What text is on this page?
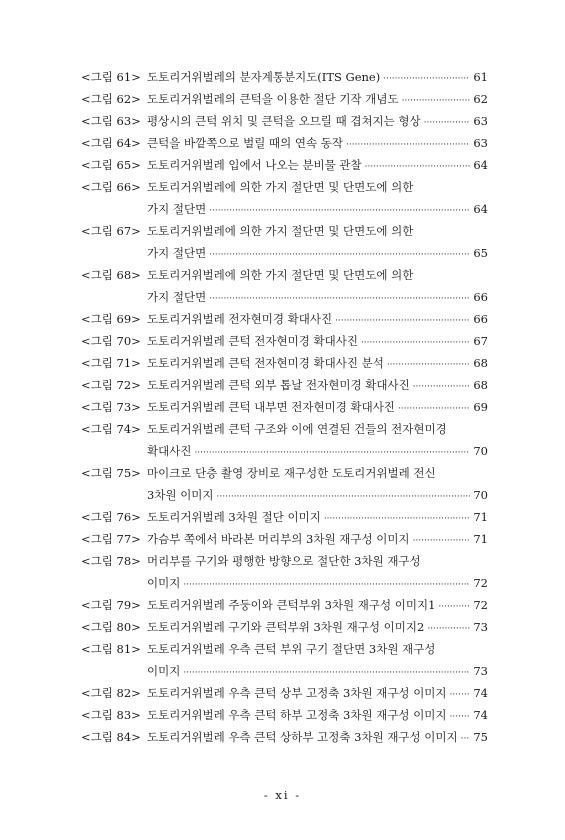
<그림 61> 도토리거위벌레의 분자계통분지도(ITS Gene) ·····	61
<그림 62> 도토리거위벌레의 큰턱을 이용한 절단 기작 개념도 ·····	62
<그림 63> 평상시의 큰턱 위치 및 큰턱을 오므릴 때 겹쳐지는 형상 ·····	63
<그림 64> 큰턱을 바깥쪽으로 벌릴 때의 연속 동작 ·····	63
<그림 65> 도토리거위벌레 입에서 나오는 분비물 관찰 ·····	64
<그림 66> 도토리거위벌레에 의한 가지 절단면 및 단면도에 의한
가지 절단면 ·····	64
<그림 67> 도토리거위벌레에 의한 가지 절단면 및 단면도에 의한
가지 절단면 ·····	65
<그림 68> 도토리거위벌레에 의한 가지 절단면 및 단면도에 의한
가지 절단면 ·····	66
<그림 69> 도토리거위벌레 전자현미경 확대사진 ·····	66
<그림 70> 도토리거위벌레 큰턱 전자현미경 확대사진 ·····	67
<그림 71> 도토리거위벌레 큰턱 전자현미경 확대사진 분석 ·····	68
<그림 72> 도토리거위벌레 큰턱 외부 톱날 전자현미경 확대사진 ·····	68
<그림 73> 도토리거위벌레 큰턱 내부면 전자현미경 확대사진 ·····	69
<그림 74> 도토리거위벌레 큰턱 구조와 이에 연결된 건들의 전자현미경
확대사진 ·····	70
<그림 75> 마이크로 단층 촬영 장비로 재구성한 도토리거위벌레 전신
3차원 이미지 ·····	70
<그림 76> 도토리거위벌레 3차원 절단 이미지 ·····	71
<그림 77> 가슴부 쪽에서 바라본 머리부의 3차원 재구성 이미지 ·····	71
<그림 78> 머리부를 구기와 평행한 방향으로 절단한 3차원 재구성
이미지 ·····	72
<그림 79> 도토리거위벌레 주둥이와 큰턱부위 3차원 재구성 이미지1 ·····	72
<그림 80> 도토리거위벌레 구기와 큰턱부위 3차원 재구성 이미지2 ·····	73
<그림 81> 도토리거위벌레 우측 큰턱 부위 구기 절단면 3차원 재구성
이미지 ·····	73
<그림 82> 도토리거위벌레 우측 큰턱 상부 고정축 3차원 재구성 이미지 ····· 74
<그림 83> 도토리거위벌레 우측 큰턱 하부 고정축 3차원 재구성 이미지 ····· 74
<그림 84> 도토리거위벌레 우측 큰턱 상하부 고정축 3차원 재구성 이미지 ····· 75
- xi -
